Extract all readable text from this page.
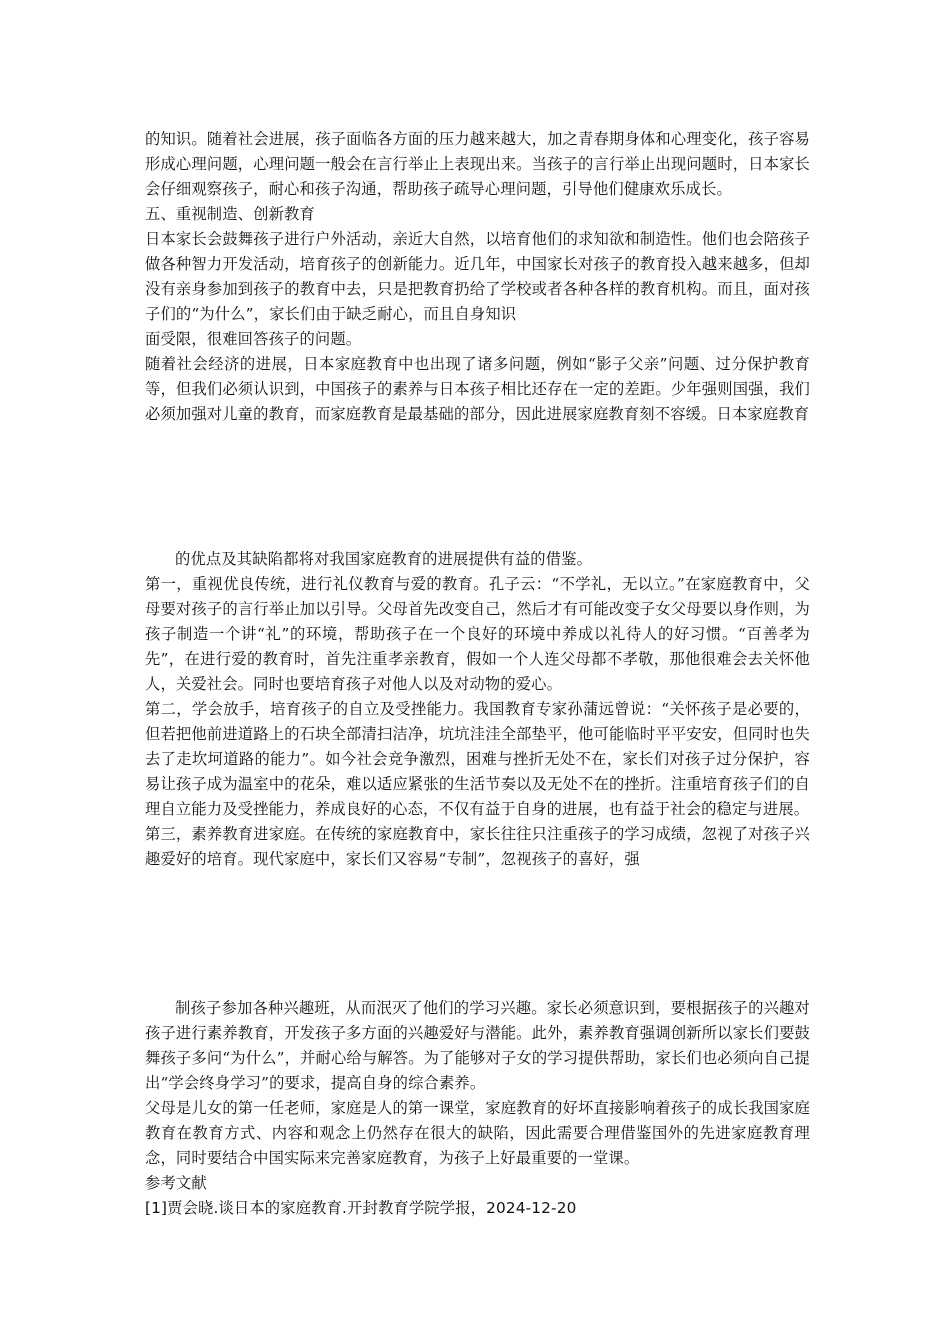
的知识。随着社会进展，孩子面临各方面的压力越来越大，加之青春期身体和心理变化，孩子容易形成心理问题，心理问题一般会在言行举止上表现出来。当孩子的言行举止出现问题时，日本家长会仔细观察孩子，耐心和孩子沟通，帮助孩子疏导心理问题，引导他们健康欢乐成长。

五、重视制造、创新教育

日本家长会鼓舞孩子进行户外活动，亲近大自然，以培育他们的求知欲和制造性。他们也会陪孩子做各种智力开发活动，培育孩子的创新能力。近几年，中国家长对孩子的教育投入越来越多，但却没有亲身参加到孩子的教育中去，只是把教育扔给了学校或者各种各样的教育机构。而且，面对孩子们的“为什么”，家长们由于缺乏耐心，而且自身知识

面受限，很难回答孩子的问题。

随着社会经济的进展，日本家庭教育中也出现了诸多问题，例如“影子父亲”问题、过分保护教育等，但我们必须认识到，中国孩子的素养与日本孩子相比还存在一定的差距。少年强则国强，我们必须加强对儿童的教育，而家庭教育是最基础的部分，因此进展家庭教育刻不容缓。日本家庭教育

的优点及其缺陷都将对我国家庭教育的进展提供有益的借鉴。

第一，重视优良传统，进行礼仪教育与爱的教育。孔子云：“不学礼，无以立。”在家庭教育中，父母要对孩子的言行举止加以引导。父母首先改变自己，然后才有可能改变子女父母要以身作则，为孩子制造一个讲“礼”的环境，帮助孩子在一个良好的环境中养成以礼待人的好习惯。“百善孝为先”，在进行爱的教育时，首先注重孝亲教育，假如一个人连父母都不孝敬，那他很难会去关怀他人，关爱社会。同时也要培育孩子对他人以及对动物的爱心。

第二，学会放手，培育孩子的自立及受挫能力。我国教育专家孙蒲远曾说：“关怀孩子是必要的，但若把他前进道路上的石块全部清扫洁净，坑坑洼洼全部垫平，他可能临时平平安安，但同时也失去了走坎坷道路的能力”。如今社会竞争激烈，困难与挫折无处不在，家长们对孩子过分保护，容易让孩子成为温室中的花朵，难以适应紧张的生活节奏以及无处不在的挫折。注重培育孩子们的自理自立能力及受挫能力，养成良好的心态，不仅有益于自身的进展，也有益于社会的稳定与进展。

第三，素养教育进家庭。在传统的家庭教育中，家长往往只注重孩子的学习成绩，忽视了对孩子兴趣爱好的培育。现代家庭中，家长们又容易“专制”，忽视孩子的喜好，强

制孩子参加各种兴趣班，从而泯灭了他们的学习兴趣。家长必须意识到，要根据孩子的兴趣对孩子进行素养教育，开发孩子多方面的兴趣爱好与潜能。此外，素养教育强调创新所以家长们要鼓舞孩子多问“为什么”，并耐心给与解答。为了能够对子女的学习提供帮助，家长们也必须向自己提出“学会终身学习”的要求，提高自身的综合素养。

父母是儿女的第一任老师，家庭是人的第一课堂，家庭教育的好坏直接影响着孩子的成长我国家庭教育在教育方式、内容和观念上仍然存在很大的缺陷，因此需要合理借鉴国外的先进家庭教育理念，同时要结合中国实际来完善家庭教育，为孩子上好最重要的一堂课。

参考文献

[1]贾会晓.谈日本的家庭教育.开封教育学院学报，2024-12-20
